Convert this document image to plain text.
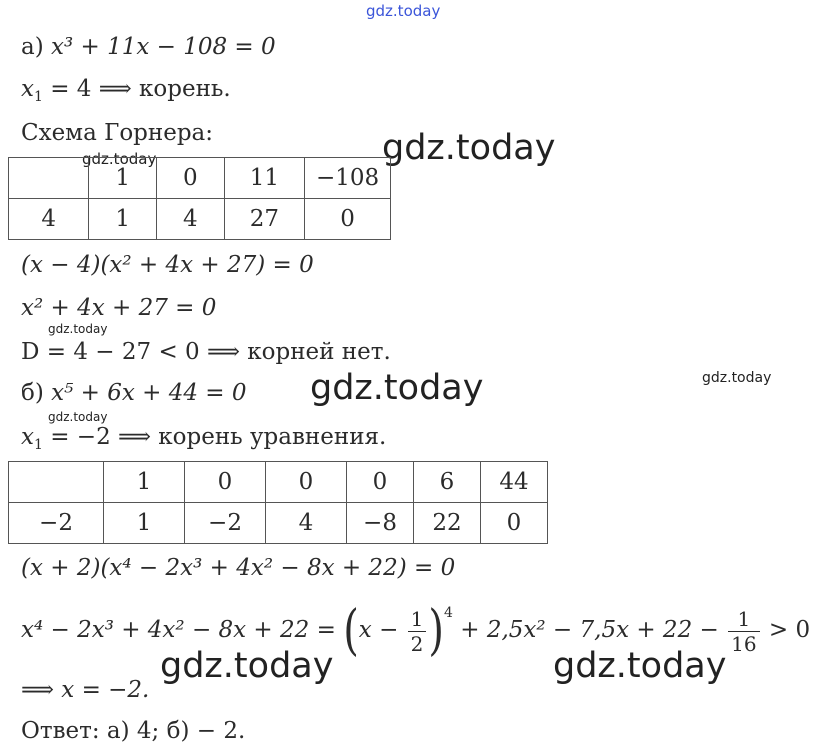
gdz.today
gdz.today
gdz.today
gdz.today
gdz.today	gdz.today
gdz.today
gdz.today	gdz.today
а) x³ + 11x − 108 = 0
$x_1 = 4$ ⟹ корень.
Схема Горнера:
	1	0	11	−108
4	1	4	27	0
(x − 4)(x² + 4x + 27) = 0
x² + 4x + 27 = 0
D = 4 − 27 < 0 ⟹ корней нет.
б) x⁵ + 6x + 44 = 0
$x_1 = -2$ ⟹ корень уравнения.
	1	0	0	0	6	44
−2	1	−2	4	−8	22	0
(x + 2)(x⁴ − 2x³ + 4x² − 8x + 22) = 0
$x^4 - 2x^3 + 4x^2 - 8x + 22 = (x - \frac{1}{2} )^4 + 2,5x^2 - 7,5x + 22 - \frac{1}{16} > 0$
⟹ x = −2.
Ответ: а) 4; б) − 2.
